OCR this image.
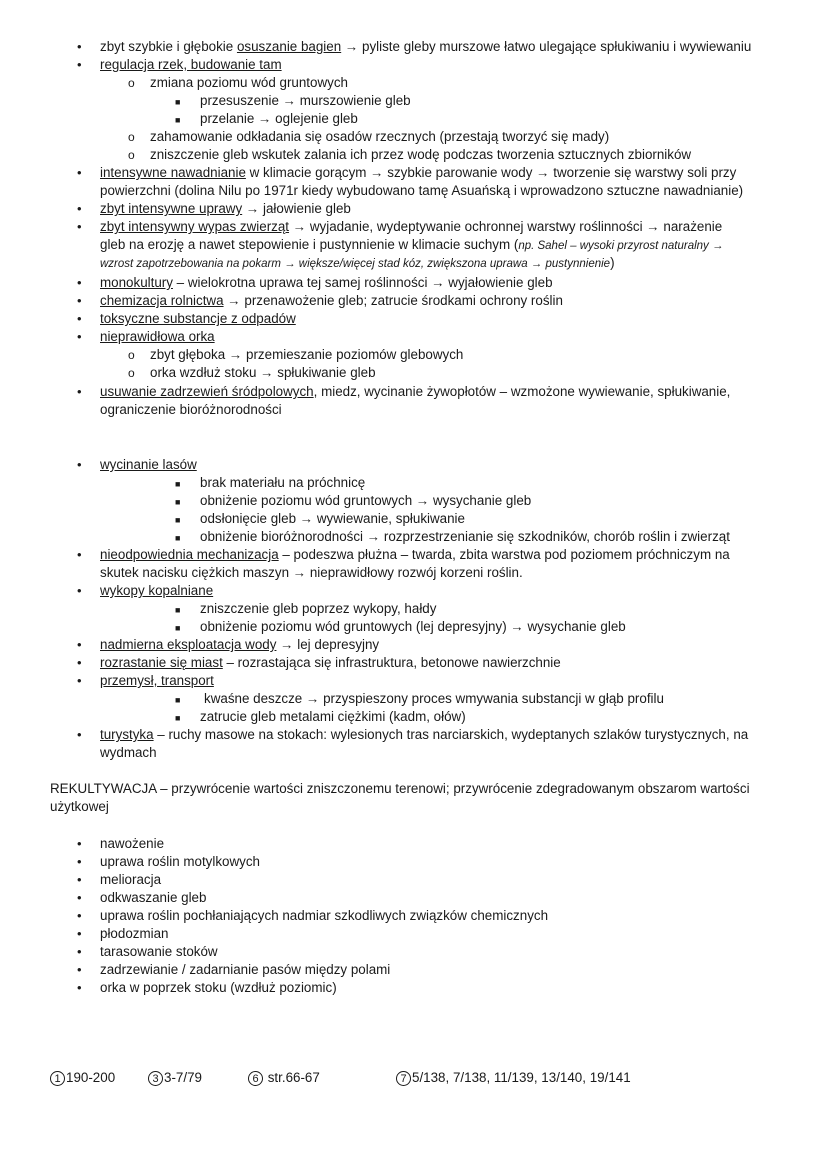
• zbyt szybkie i głębokie osuszanie bagien → pyliste gleby murszowe łatwo ulegające spłukiwaniu i wywiewaniu
• regulacja rzek, budowanie tam
o zmiana poziomu wód gruntowych
■ przesuszenie → murszowienie gleb
■ przelanie → oglejenie gleb
o zahamowanie odkładania się osadów rzecznych (przestają tworzyć się mady)
o zniszczenie gleb wskutek zalania ich przez wodę podczas tworzenia sztucznych zbiorników
• intensywne nawadnianie w klimacie gorącym → szybkie parowanie wody → tworzenie się warstwy soli przy
powierzchni (dolina Nilu po 1971r kiedy wybudowano tamę Asuańską i wprowadzono sztuczne nawadnianie)
• zbyt intensywne uprawy → jałowienie gleb
• zbyt intensywny wypas zwierząt → wyjadanie, wydeptywanie ochronnej warstwy roślinności → narażenie
gleb na erozję a nawet stepowienie i pustynnienie w klimacie suchym (np. Sahel – wysoki przyrost naturalny →
wzrost zapotrzebowania na pokarm → większe/więcej stad kóz, zwiększona uprawa → pustynnienie)
• monokultury – wielokrotna uprawa tej samej roślinności → wyjałowienie gleb
• chemizacja rolnictwa → przenawożenie gleb; zatrucie środkami ochrony roślin
• toksyczne substancje z odpadów
• nieprawidłowa orka
o zbyt głęboka → przemieszanie poziomów glebowych
o orka wzdłuż stoku → spłukiwanie gleb
• usuwanie zadrzewień śródpolowych, miedz, wycinanie żywopłotów – wzmożone wywiewanie, spłukiwanie,
ograniczenie bioróżnorodności
• wycinanie lasów
■ brak materiału na próchnicę
■ obniżenie poziomu wód gruntowych → wysychanie gleb
■ odsłonięcie gleb → wywiewanie, spłukiwanie
■ obniżenie bioróżnorodności → rozprzestrzenianie się szkodników, chorób roślin i zwierząt
• nieodpowiednia mechanizacja – podeszwa płużna – twarda, zbita warstwa pod poziomem próchniczym na
skutek nacisku ciężkich maszyn → nieprawidłowy rozwój korzeni roślin.
• wykopy kopalniane
■ zniszczenie gleb poprzez wykopy, hałdy
■ obniżenie poziomu wód gruntowych (lej depresyjny) → wysychanie gleb
• nadmierna eksploatacja wody → lej depresyjny
• rozrastanie się miast – rozrastająca się infrastruktura, betonowe nawierzchnie
• przemysł, transport
■ kwaśne deszcze → przyspieszony proces wmywania substancji w głąb profilu
■ zatrucie gleb metalami ciężkimi (kadm, ołów)
• turystyka – ruchy masowe na stokach: wylesionych tras narciarskich, wydeptanych szlaków turystycznych, na
wydmach
REKULTYWACJA – przywrócenie wartości zniszczonemu terenowi; przywrócenie zdegradowanym obszarom wartości
użytkowej
• nawożenie
• uprawa roślin motylkowych
• melioracja
• odkwaszanie gleb
• uprawa roślin pochłaniających nadmiar szkodliwych związków chemicznych
• płodozmian
• tarasowanie stoków
• zadrzewianie / zadarnianie pasów między polami
• orka w poprzek stoku (wzdłuż poziomic)
1 190-200	3 3-7/79	6 str.66-67	7 5/138, 7/138, 11/139, 13/140, 19/141
